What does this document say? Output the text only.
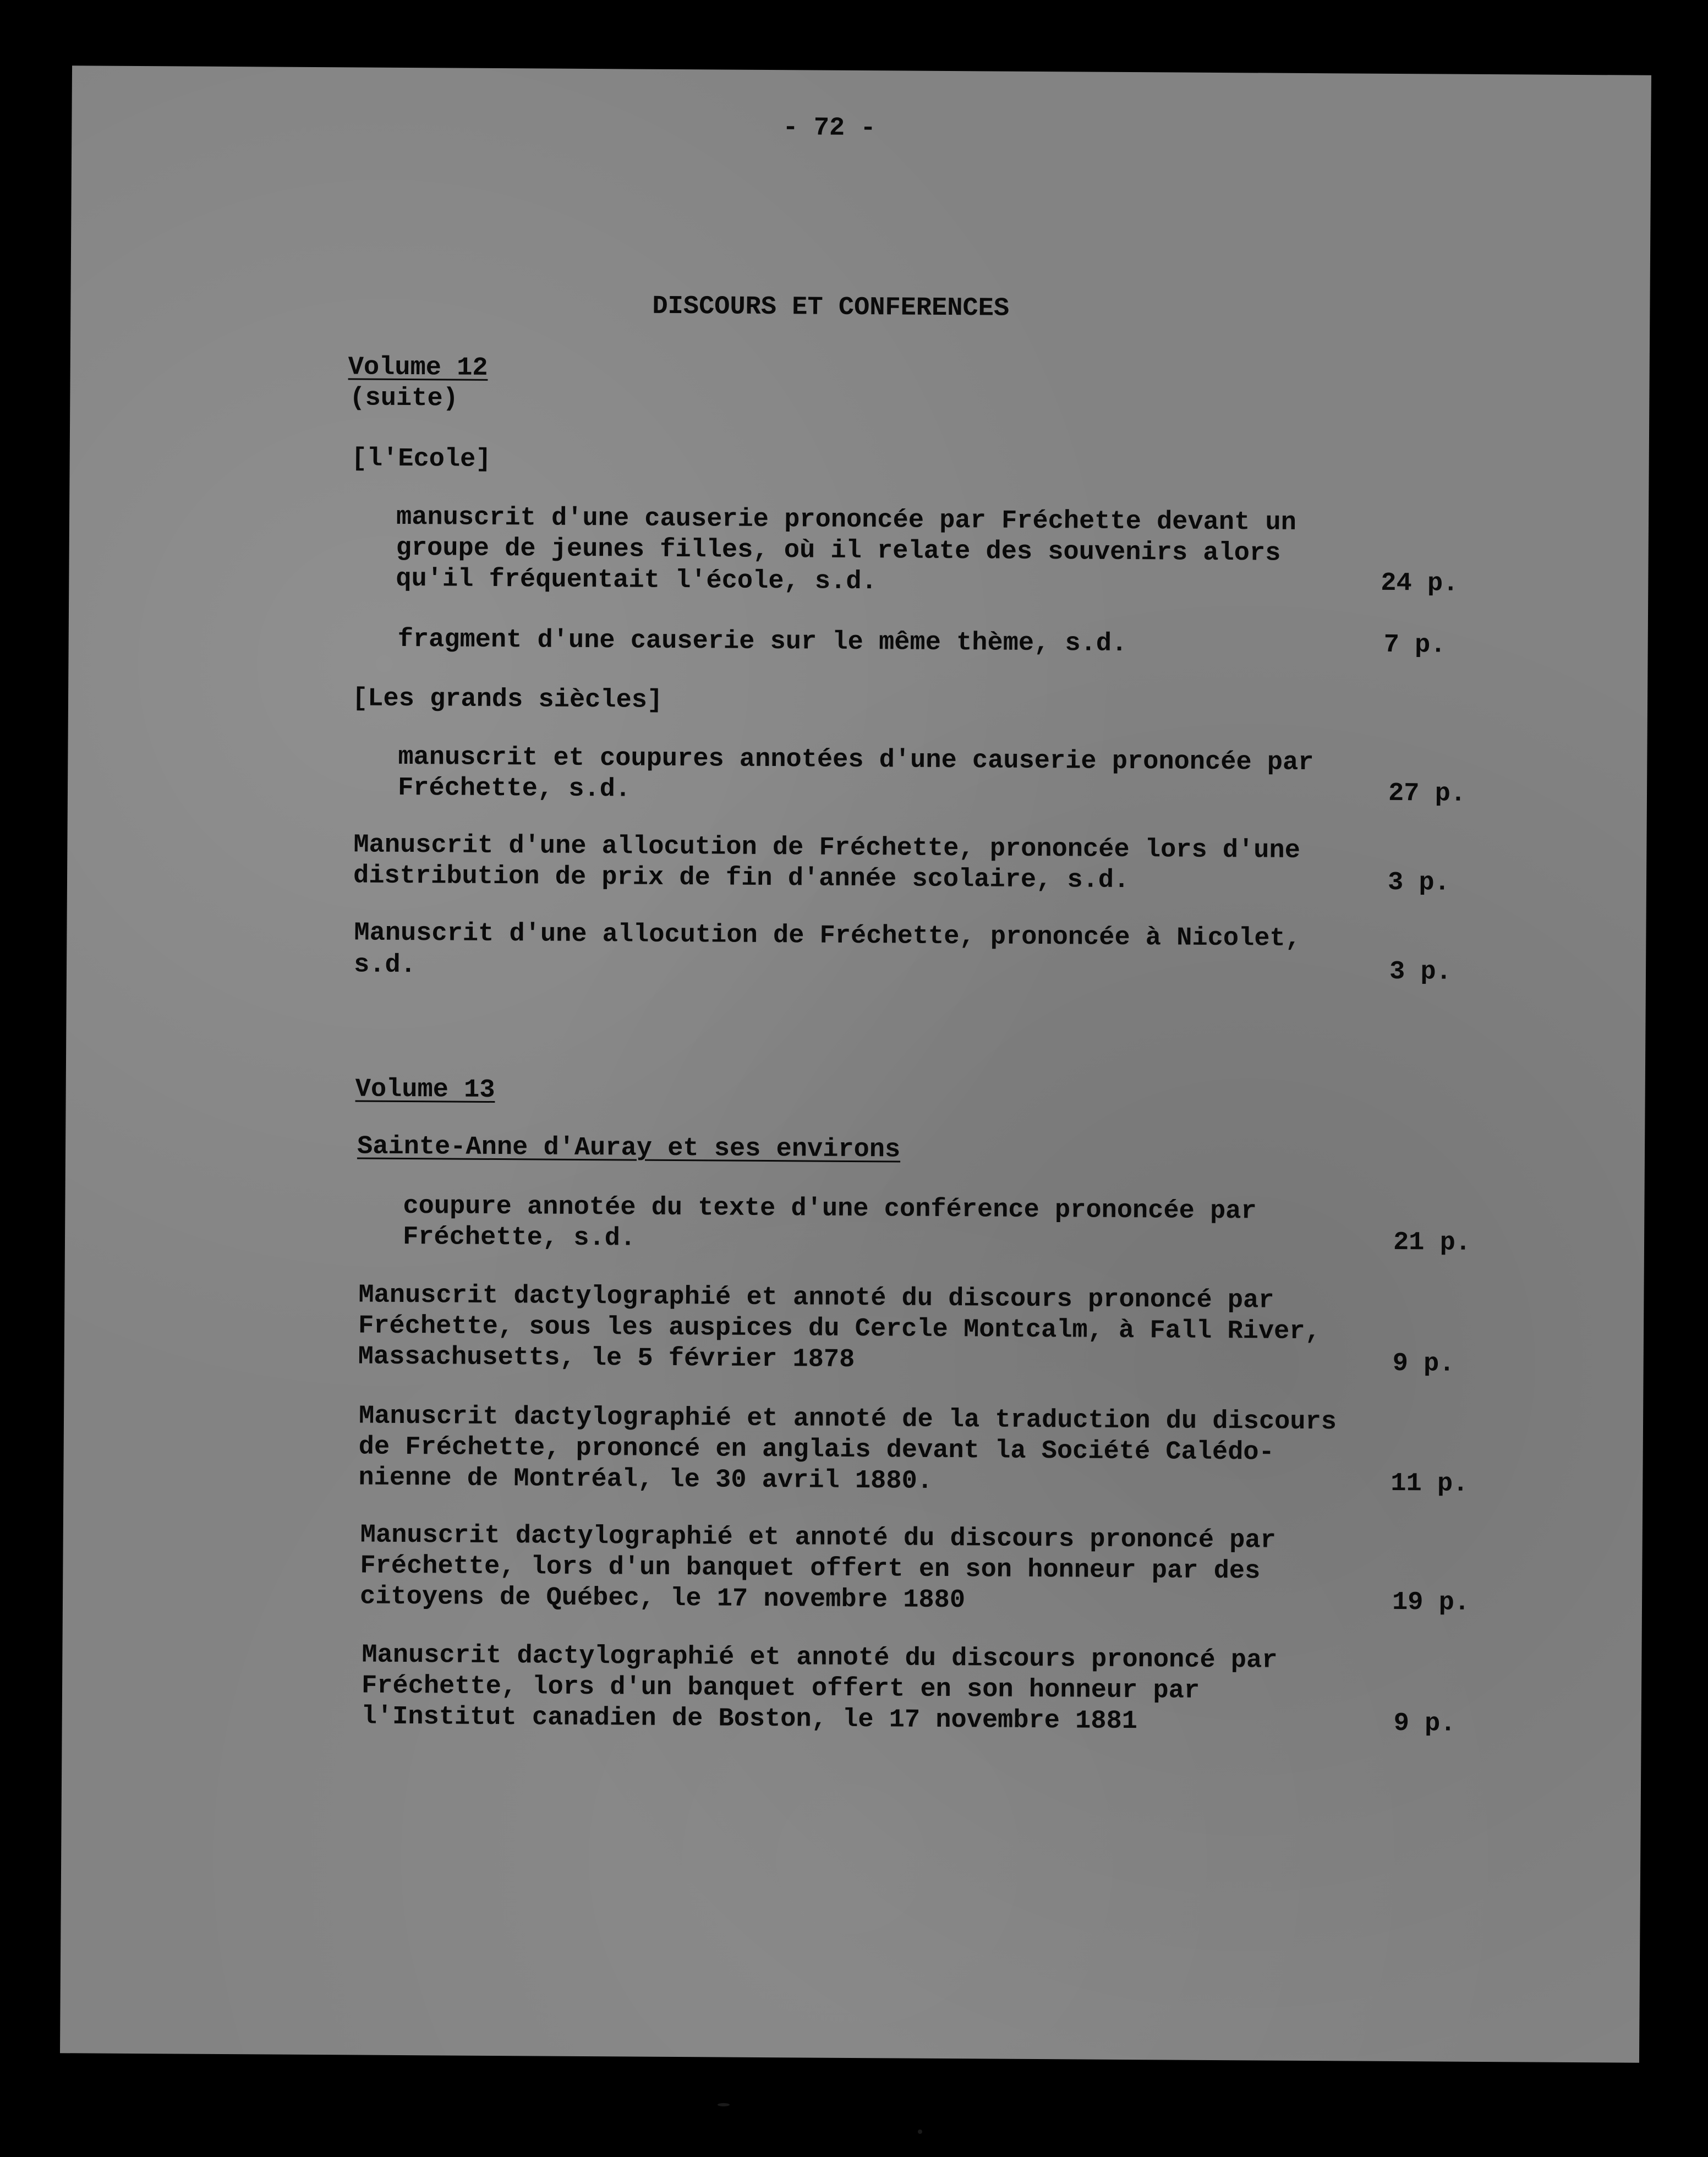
- 72 -
DISCOURS ET CONFERENCES
Volume 12
(suite)
[l'Ecole]
manuscrit d'une causerie prononcée par Fréchette devant un
groupe de jeunes filles, où il relate des souvenirs alors
qu'il fréquentait l'école, s.d.	24 p.
fragment d'une causerie sur le même thème, s.d.	7 p.
[Les grands siècles]
manuscrit et coupures annotées d'une causerie prononcée par
Fréchette, s.d.	27 p.
Manuscrit d'une allocution de Fréchette, prononcée lors d'une
distribution de prix de fin d'année scolaire, s.d.	3 p.
Manuscrit d'une allocution de Fréchette, prononcée à Nicolet,
s.d.	3 p.
Volume 13
Sainte-Anne d'Auray et ses environs
coupure annotée du texte d'une conférence prononcée par
Fréchette, s.d.	21 p.
Manuscrit dactylographié et annoté du discours prononcé par
Fréchette, sous les auspices du Cercle Montcalm, à Fall River,
Massachusetts, le 5 février 1878	9 p.
Manuscrit dactylographié et annoté de la traduction du discours
de Fréchette, prononcé en anglais devant la Société Calédo-
nienne de Montréal, le 30 avril 1880.	11 p.
Manuscrit dactylographié et annoté du discours prononcé par
Fréchette, lors d'un banquet offert en son honneur par des
citoyens de Québec, le 17 novembre 1880	19 p.
Manuscrit dactylographié et annoté du discours prononcé par
Fréchette, lors d'un banquet offert en son honneur par
l'Institut canadien de Boston, le 17 novembre 1881	9 p.
